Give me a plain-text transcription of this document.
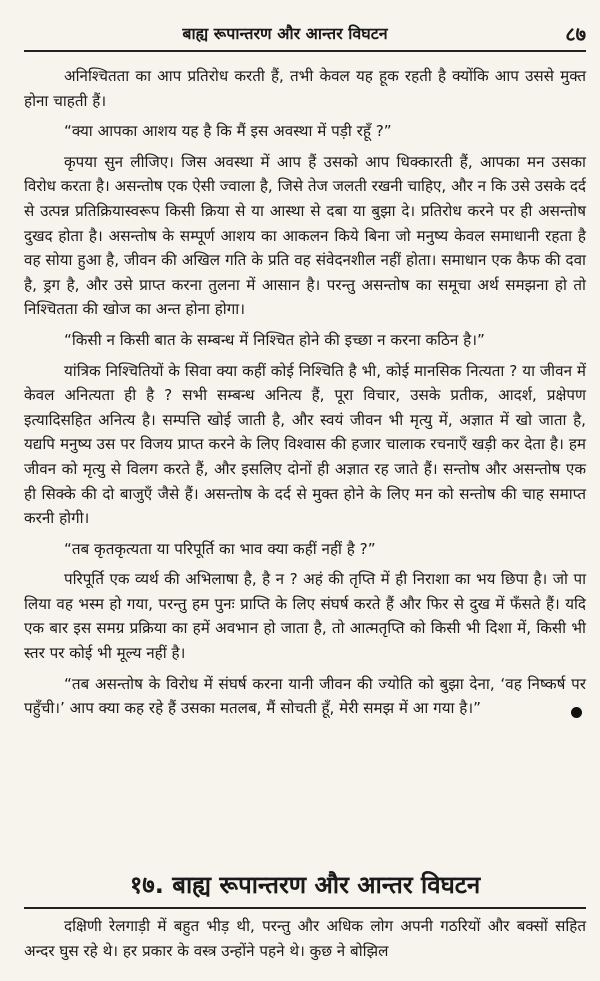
बाह्य रूपान्तरण और आन्तर विघटन	८७

अनिश्चितता का आप प्रतिरोध करती हैं, तभी केवल यह हूक रहती है क्योंकि आप उससे मुक्त होना चाहती हैं।

“क्या आपका आशय यह है कि मैं इस अवस्था में पड़ी रहूँ ?”

कृपया सुन लीजिए। जिस अवस्था में आप हैं उसको आप धिक्कारती हैं, आपका मन उसका विरोध करता है। असन्तोष एक ऐसी ज्वाला है, जिसे तेज जलती रखनी चाहिए, और न कि उसे उसके दर्द से उत्पन्न प्रतिक्रियास्वरूप किसी क्रिया से या आस्था से दबा या बुझा दे। प्रतिरोध करने पर ही असन्तोष दुखद होता है। असन्तोष के सम्पूर्ण आशय का आकलन किये बिना जो मनुष्य केवल समाधानी रहता है वह सोया हुआ है, जीवन की अखिल गति के प्रति वह संवेदनशील नहीं होता। समाधान एक कैफ की दवा है, ड्रग है, और उसे प्राप्त करना तुलना में आसान है। परन्तु असन्तोष का समूचा अर्थ समझना हो तो निश्चितता की खोज का अन्त होना होगा।

“किसी न किसी बात के सम्बन्ध में निश्चित होने की इच्छा न करना कठिन है।”

यांत्रिक निश्चितियों के सिवा क्या कहीं कोई निश्चिति है भी, कोई मानसिक नित्यता ? या जीवन में केवल अनित्यता ही है ? सभी सम्बन्ध अनित्य हैं, पूरा विचार, उसके प्रतीक, आदर्श, प्रक्षेपण इत्यादिसहित अनित्य है। सम्पत्ति खोई जाती है, और स्वयं जीवन भी मृत्यु में, अज्ञात में खो जाता है, यद्यपि मनुष्य उस पर विजय प्राप्त करने के लिए विश्वास की हजार चालाक रचनाएँ खड़ी कर देता है। हम जीवन को मृत्यु से विलग करते हैं, और इसलिए दोनों ही अज्ञात रह जाते हैं। सन्तोष और असन्तोष एक ही सिक्के की दो बाजुएँ जैसे हैं। असन्तोष के दर्द से मुक्त होने के लिए मन को सन्तोष की चाह समाप्त करनी होगी।

“तब कृतकृत्यता या परिपूर्ति का भाव क्या कहीं नहीं है ?”

परिपूर्ति एक व्यर्थ की अभिलाषा है, है न ? अहं की तृप्ति में ही निराशा का भय छिपा है। जो पा लिया वह भस्म हो गया, परन्तु हम पुनः प्राप्ति के लिए संघर्ष करते हैं और फिर से दुख में फँसते हैं। यदि एक बार इस समग्र प्रक्रिया का हमें अवभान हो जाता है, तो आत्मतृप्ति को किसी भी दिशा में, किसी भी स्तर पर कोई भी मूल्य नहीं है।

“तब असन्तोष के विरोध में संघर्ष करना यानी जीवन की ज्योति को बुझा देना, ‘वह निष्कर्ष पर पहुँची।’ आप क्या कह रहे हैं उसका मतलब, मैं सोचती हूँ, मेरी समझ में आ गया है।”

१७. बाह्य रूपान्तरण और आन्तर विघटन

दक्षिणी रेलगाड़ी में बहुत भीड़ थी, परन्तु और अधिक लोग अपनी गठरियों और बक्सों सहित अन्दर घुस रहे थे। हर प्रकार के वस्त्र उन्होंने पहने थे। कुछ ने बोझिल
